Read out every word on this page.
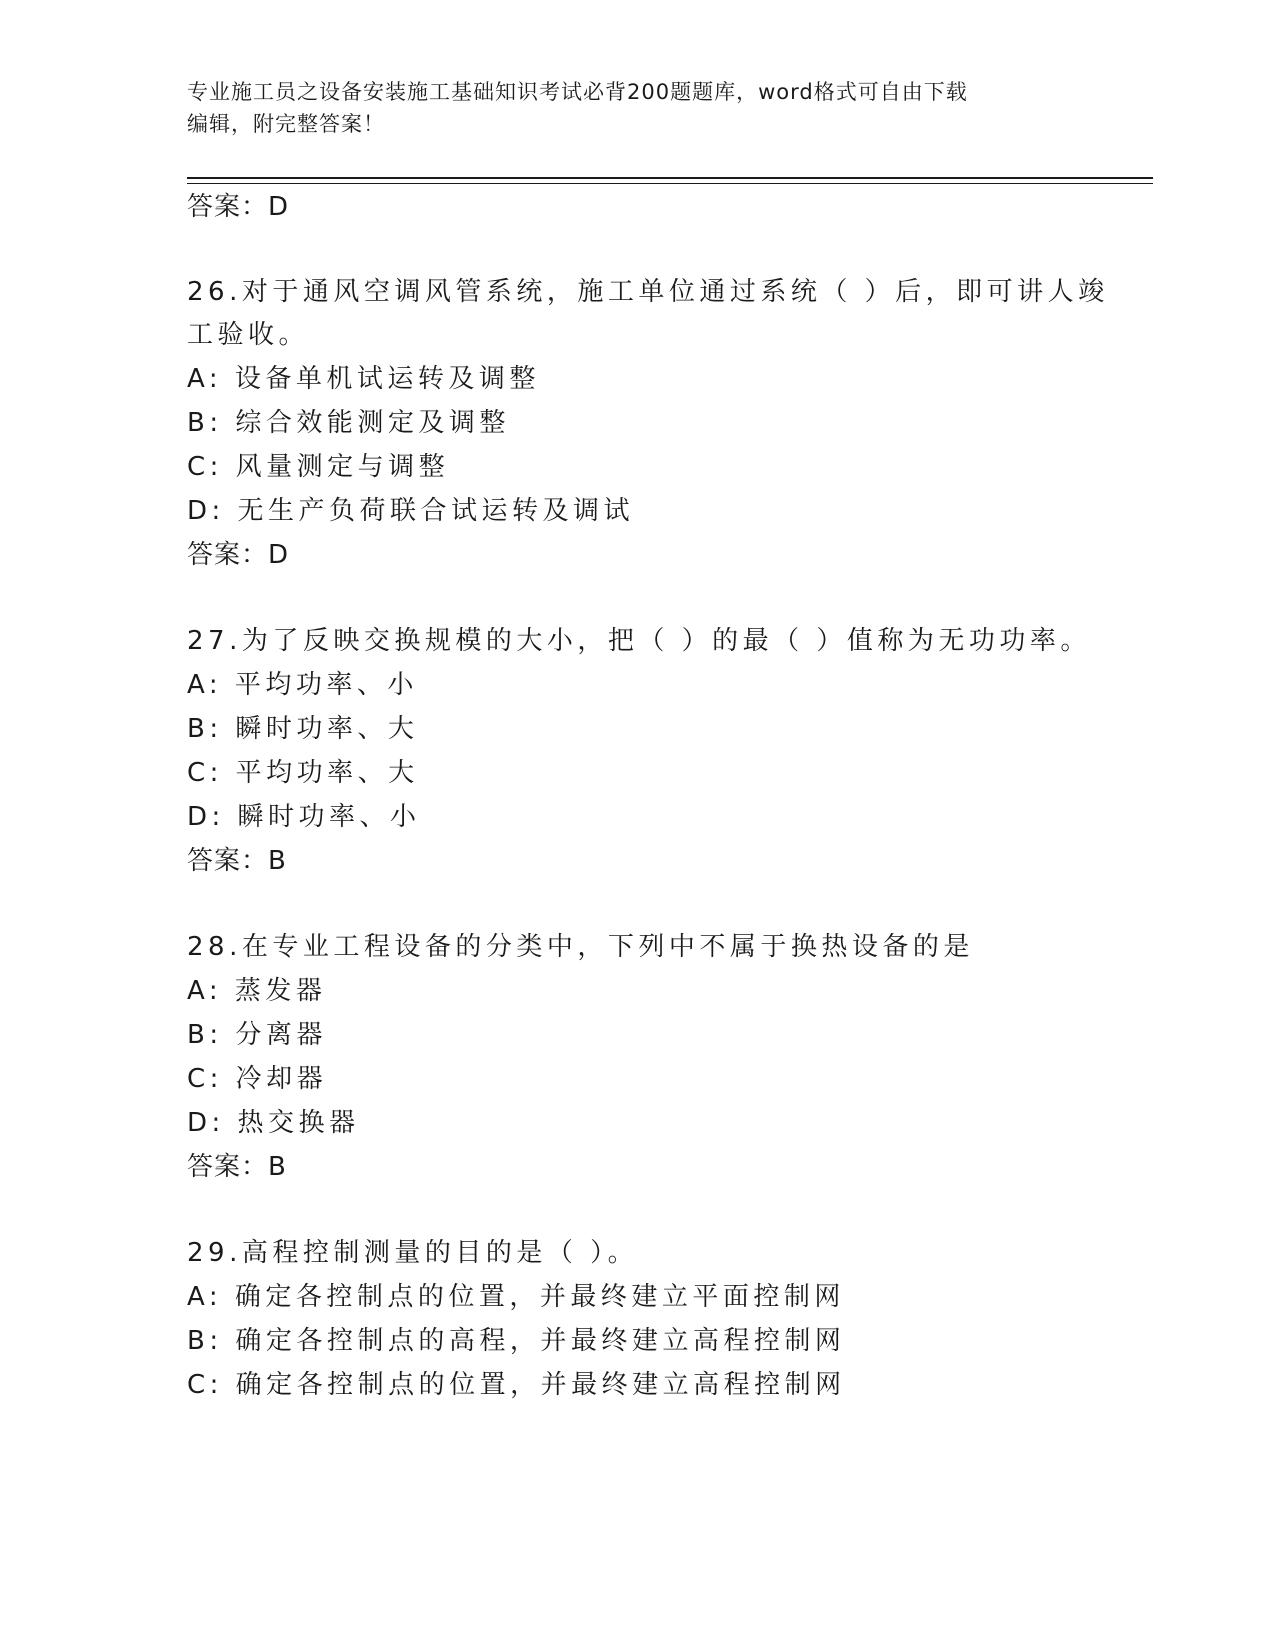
专业施工员之设备安装施工基础知识考试必背200题题库，word格式可自由下载
编辑，附完整答案！
答案：D
26.对于通风空调风管系统，施工单位通过系统（ ）后，即可讲人竣
工验收。
A: 设备单机试运转及调整
B: 综合效能测定及调整
C: 风量测定与调整
D: 无生产负荷联合试运转及调试
答案：D
27.为了反映交换规模的大小，把（ ）的最（ ）值称为无功功率。
A: 平均功率、小
B: 瞬时功率、大
C: 平均功率、大
D: 瞬时功率、小
答案：B
28.在专业工程设备的分类中，下列中不属于换热设备的是
A: 蒸发器
B: 分离器
C: 冷却器
D: 热交换器
答案：B
29.高程控制测量的目的是（ ）。
A: 确定各控制点的位置，并最终建立平面控制网
B: 确定各控制点的高程，并最终建立高程控制网
C: 确定各控制点的位置，并最终建立高程控制网
